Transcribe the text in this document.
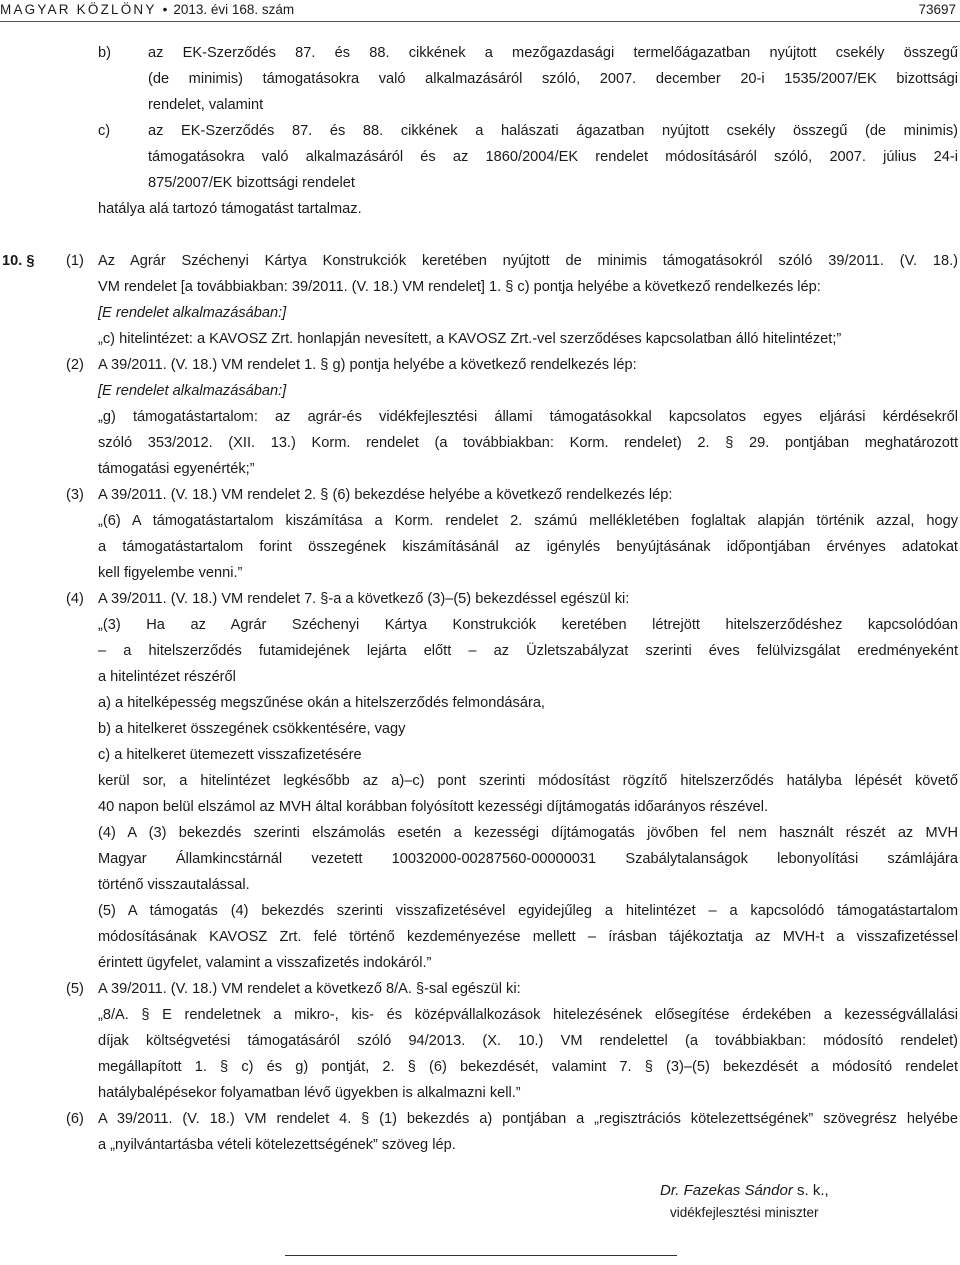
MAGYAR KÖZLÖNY • 2013. évi 168. szám	73697
b)	az EK-Szerződés 87. és 88. cikkének a mezőgazdasági termelőágazatban nyújtott csekély összegű
(de minimis) támogatásokra való alkalmazásáról szóló, 2007. december 20-i 1535/2007/EK bizottsági
rendelet, valamint
c)	az EK-Szerződés 87. és 88. cikkének a halászati ágazatban nyújtott csekély összegű (de minimis)
támogatásokra való alkalmazásáról és az 1860/2004/EK rendelet módosításáról szóló, 2007. július 24-i
875/2007/EK bizottsági rendelet
hatálya alá tartozó támogatást tartalmaz.
10. § (1) Az Agrár Széchenyi Kártya Konstrukciók keretében nyújtott de minimis támogatásokról szóló 39/2011. (V. 18.)
VM rendelet [a továbbiakban: 39/2011. (V. 18.) VM rendelet] 1. § c) pontja helyébe a következő rendelkezés lép:
[E rendelet alkalmazásában:]
„c) hitelintézet: a KAVOSZ Zrt. honlapján nevesített, a KAVOSZ Zrt.-vel szerződéses kapcsolatban álló hitelintézet;”
(2) A 39/2011. (V. 18.) VM rendelet 1. § g) pontja helyébe a következő rendelkezés lép:
[E rendelet alkalmazásában:]
„g) támogatástartalom: az agrár-és vidékfejlesztési állami támogatásokkal kapcsolatos egyes eljárási kérdésekről
szóló 353/2012. (XII. 13.) Korm. rendelet (a továbbiakban: Korm. rendelet) 2. § 29. pontjában meghatározott
támogatási egyenérték;”
(3) A 39/2011. (V. 18.) VM rendelet 2. § (6) bekezdése helyébe a következő rendelkezés lép:
„(6) A támogatástartalom kiszámítása a Korm. rendelet 2. számú mellékletében foglaltak alapján történik azzal, hogy
a támogatástartalom forint összegének kiszámításánál az igénylés benyújtásának időpontjában érvényes adatokat
kell figyelembe venni.”
(4) A 39/2011. (V. 18.) VM rendelet 7. §-a a következő (3)–(5) bekezdéssel egészül ki:
„(3) Ha az Agrár Széchenyi Kártya Konstrukciók keretében létrejött hitelszerződéshez kapcsolódóan
– a hitelszerződés futamidejének lejárta előtt – az Üzletszabályzat szerinti éves felülvizsgálat eredményeként
a hitelintézet részéről
a) a hitelképesség megszűnése okán a hitelszerződés felmondására,
b) a hitelkeret összegének csökkentésére, vagy
c) a hitelkeret ütemezett visszafizetésére
kerül sor, a hitelintézet legkésőbb az a)–c) pont szerinti módosítást rögzítő hitelszerződés hatályba lépését követő
40 napon belül elszámol az MVH által korábban folyósított kezességi díjtámogatás időarányos részével.
(4) A (3) bekezdés szerinti elszámolás esetén a kezességi díjtámogatás jövőben fel nem használt részét az MVH
Magyar Államkincstárnál vezetett 10032000-00287560-00000031 Szabálytalanságok lebonyolítási számlájára
történő visszautalással.
(5) A támogatás (4) bekezdés szerinti visszafizetésével egyidejűleg a hitelintézet – a kapcsolódó támogatástartalom
módosításának KAVOSZ Zrt. felé történő kezdeményezése mellett – írásban tájékoztatja az MVH-t a visszafizetéssel
érintett ügyfelet, valamint a visszafizetés indokáról.”
(5) A 39/2011. (V. 18.) VM rendelet a következő 8/A. §-sal egészül ki:
„8/A. § E rendeletnek a mikro-, kis- és középvállalkozások hitelezésének elősegítése érdekében a kezességvállalási
díjak költségvetési támogatásáról szóló 94/2013. (X. 10.) VM rendelettel (a továbbiakban: módosító rendelet)
megállapított 1. § c) és g) pontját, 2. § (6) bekezdését, valamint 7. § (3)–(5) bekezdését a módosító rendelet
hatálybalépésekor folyamatban lévő ügyekben is alkalmazni kell.”
(6) A 39/2011. (V. 18.) VM rendelet 4. § (1) bekezdés a) pontjában a „regisztrációs kötelezettségének” szövegrész helyébe
a „nyilvántartásba vételi kötelezettségének” szöveg lép.
Dr. Fazekas Sándor s. k.,
vidékfejlesztési miniszter
